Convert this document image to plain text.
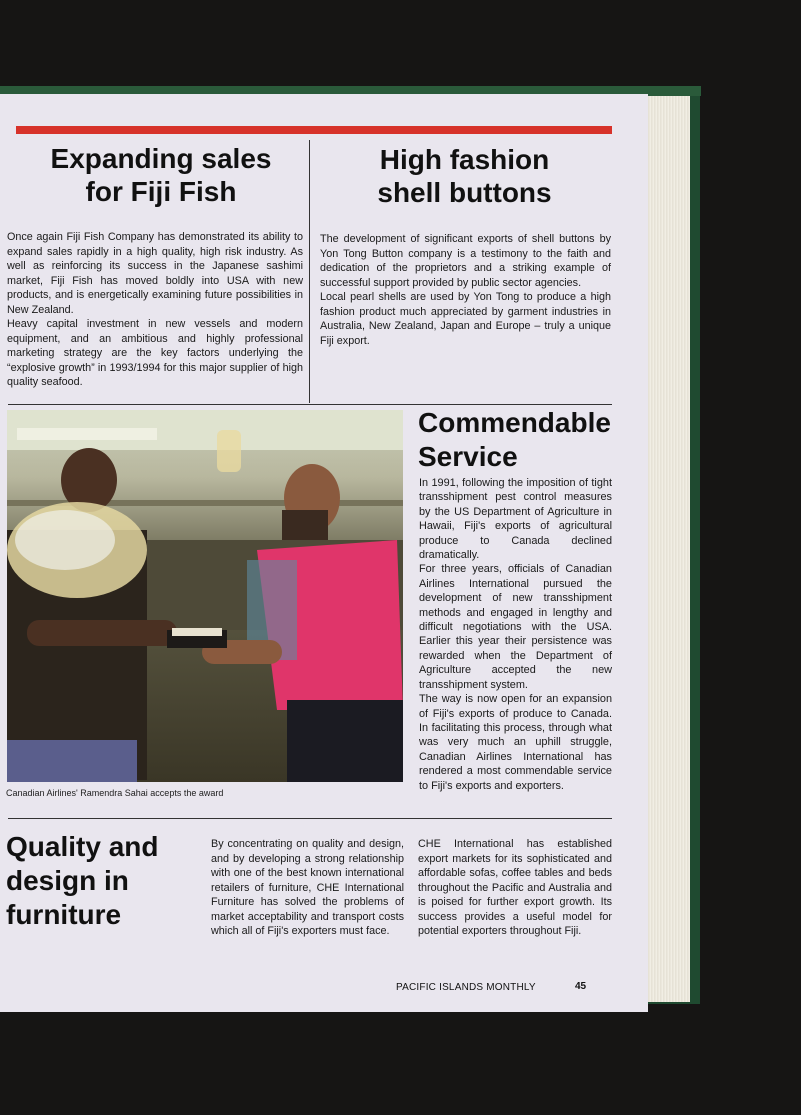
Expanding sales
for Fiji Fish

Once again Fiji Fish Company has demonstrated its ability to expand sales rapidly in a high quality, high risk industry. As well as reinforcing its success in the Japanese sashimi market, Fiji Fish has moved boldly into USA with new products, and is energetically examining future possibilities in New Zealand.

Heavy capital investment in new vessels and modern equipment, and an ambitious and highly professional marketing strategy are the key factors underlying the “explosive growth” in 1993/1994 for this major supplier of high quality seafood.

High fashion
shell buttons

The development of significant exports of shell buttons by Yon Tong Button company is a testimony to the faith and dedication of the proprietors and a striking example of successful support provided by public sector agencies.

Local pearl shells are used by Yon Tong to produce a high fashion product much appreciated by garment industries in Australia, New Zealand, Japan and Europe – truly a unique Fiji export.

Canadian Airlines' Ramendra Sahai accepts the award

Commendable
Service

In 1991, following the imposition of tight transshipment pest control measures by the US Department of Agriculture in Hawaii, Fiji's exports of agricultural produce to Canada declined dramatically.

For three years, officials of Canadian Airlines International pursued the development of new transshipment methods and engaged in lengthy and difficult negotiations with the USA. Earlier this year their persistence was rewarded when the Department of Agriculture accepted the new transshipment system.

The way is now open for an expansion of Fiji's exports of produce to Canada. In facilitating this process, through what was very much an uphill struggle, Canadian Airlines International has rendered a most commendable service to Fiji's exports and exporters.

Quality and
design in
furniture

By concentrating on quality and design, and by developing a strong relationship with one of the best known international retailers of furniture, CHE International Furniture has solved the problems of market acceptability and transport costs which all of Fiji's exporters must face.

CHE International has established export markets for its sophisticated and affordable sofas, coffee tables and beds throughout the Pacific and Australia and is poised for further export growth. Its success provides a useful model for potential exporters throughout Fiji.

PACIFIC ISLANDS MONTHLY	45
